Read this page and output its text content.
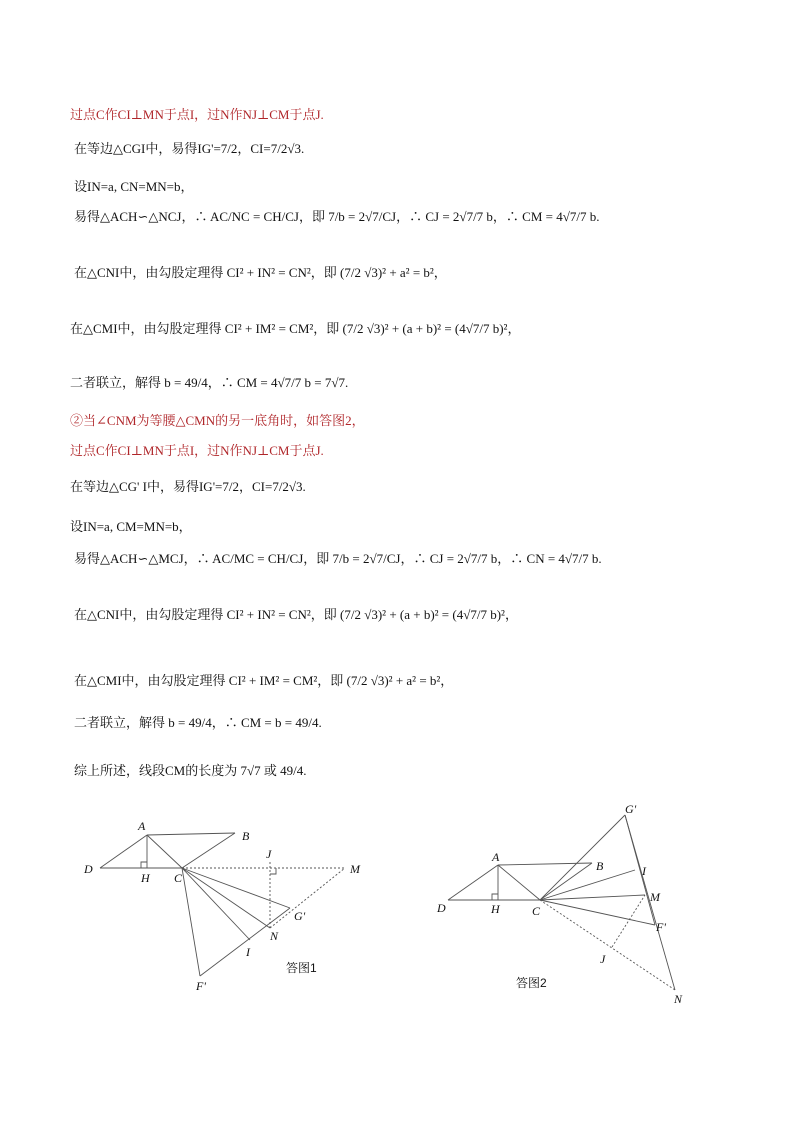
过点C作CI⊥MN于点I，过N作NJ⊥CM于点J.
在等边△CGI中，易得IG'=7/2，CI=7/2√3.
设IN=a, CN=MN=b，
易得△ACH∽△NCJ，∴ AC/NC = CH/CJ，即 7/b = 2√7/CJ，∴ CJ = 2√7/7 b，∴ CM = 4√7/7 b.
在△CNI中，由勾股定理得 CI² + IN² = CN²，即 (7/2 √3)² + a² = b²，
在△CMI中，由勾股定理得 CI² + IM² = CM²，即 (7/2 √3)² + (a + b)² = (4√7/7 b)²，
二者联立，解得 b = 49/4，∴ CM = 4√7/7 b = 7√7.
②当∠CNM为等腰△CMN的另一底角时，如答图2，
过点C作CI⊥MN于点I，过N作NJ⊥CM于点J.
在等边△CG' I中，易得IG'=7/2，CI=7/2√3.
设IN=a, CM=MN=b，
易得△ACH∽△MCJ，∴ AC/MC = CH/CJ，即 7/b = 2√7/CJ，∴ CJ = 2√7/7 b，∴ CN = 4√7/7 b.
在△CNI中，由勾股定理得 CI² + IN² = CN²，即 (7/2 √3)² + (a + b)² = (4√7/7 b)²，
在△CMI中，由勾股定理得 CI² + IM² = CM²，即 (7/2 √3)² + a² = b²，
二者联立，解得 b = 49/4，∴ CM = b = 49/4.
综上所述，线段CM的长度为 7√7 或 49/4.
A
B
C
D
H
J
M
G'
N
I
F'
答图1
G'
A
B	I
M
D	H	C
F'
J
N
答图2
